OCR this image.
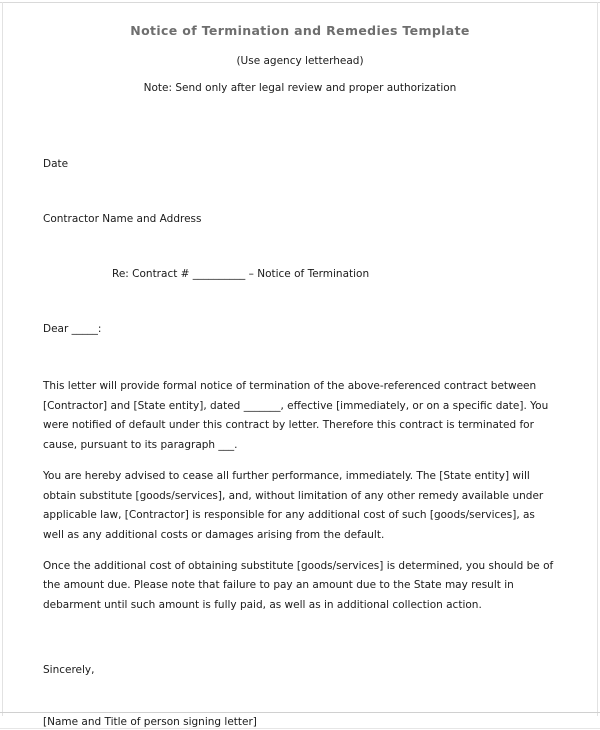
Notice of Termination and Remedies Template

(Use agency letterhead)

Note: Send only after legal review and proper authorization

Date

Contractor Name and Address

Re: Contract # __________ – Notice of Termination

Dear _____:

This letter will provide formal notice of termination of the above-referenced contract between [Contractor] and [State entity], dated _______, effective [immediately, or on a specific date]. You were notified of default under this contract by letter. Therefore this contract is terminated for cause, pursuant to its paragraph ___.

You are hereby advised to cease all further performance, immediately. The [State entity] will obtain substitute [goods/services], and, without limitation of any other remedy available under applicable law, [Contractor] is responsible for any additional cost of such [goods/services], as well as any additional costs or damages arising from the default.

Once the additional cost of obtaining substitute [goods/services] is determined, you should be of the amount due. Please note that failure to pay an amount due to the State may result in debarment until such amount is fully paid, as well as in additional collection action.

Sincerely,

[Name and Title of person signing letter]
